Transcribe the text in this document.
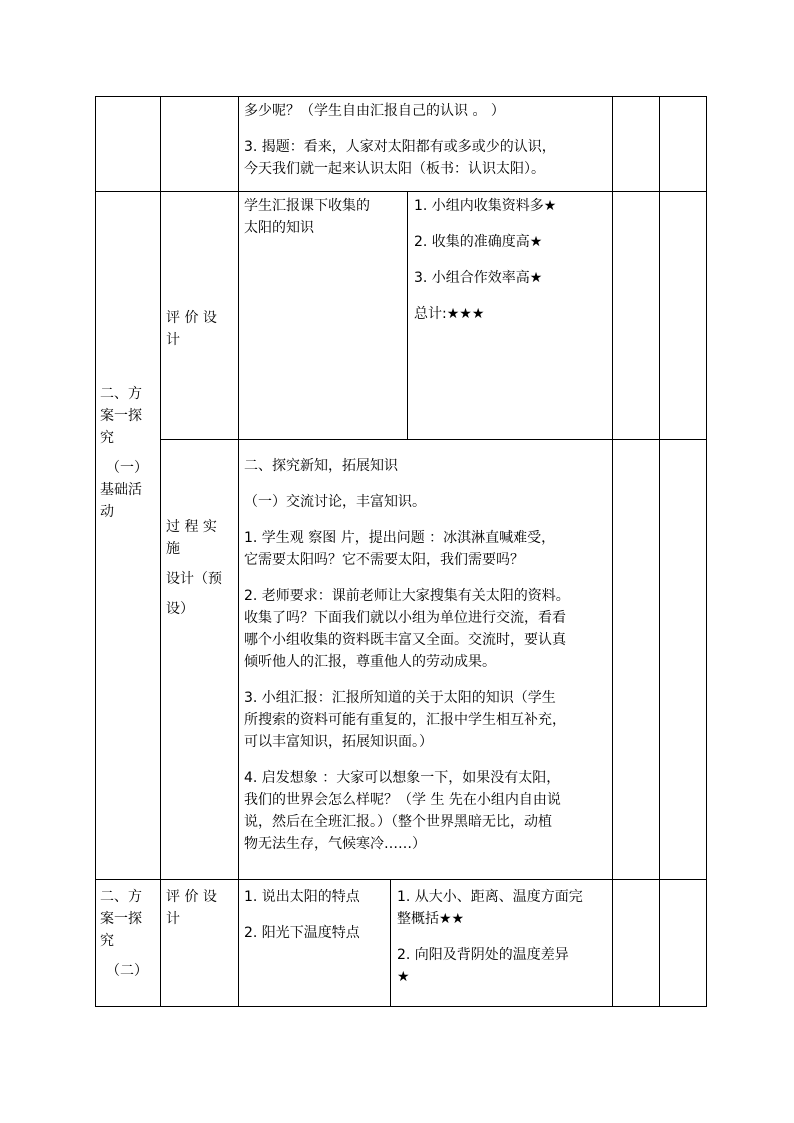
多少呢？（学生自由汇报自己的认识 。 ）

3. 揭题：看来，人家对太阳都有或多或少的认识，

今天我们就一起来认识太阳（板书：认识太阳）。

二、方

案一探

究

（一）

基础活

动

评 价 设

计

学生汇报课下收集的

太阳的知识

1. 小组内收集资料多★

2. 收集的准确度高★

3. 小组合作效率高★

总计:★★★

过 程 实

施

设计（预

设）

二、探究新知，拓展知识

（一）交流讨论，丰富知识。

1. 学生观 察图 片，提出问题 ：冰淇淋直喊难受，

它需要太阳吗？它不需要太阳，我们需要吗？

2. 老师要求：课前老师让大家搜集有关太阳的资料。

收集了吗？下面我们就以小组为单位进行交流，看看

哪个小组收集的资料既丰富又全面。交流时，要认真

倾听他人的汇报，尊重他人的劳动成果。

3. 小组汇报：汇报所知道的关于太阳的知识（学生

所搜索的资料可能有重复的，汇报中学生相互补充，

可以丰富知识，拓展知识面。）

4. 启发想象 ：大家可以想象一下，如果没有太阳，

我们的世界会怎么样呢？（学 生 先在小组内自由说

说，然后在全班汇报。）（整个世界黑暗无比，动植

物无法生存，气候寒冷……）

二、方

案一探

究

（二）

评 价 设

计

1. 说出太阳的特点

2. 阳光下温度特点

1. 从大小、距离、温度方面完

整概括★★

2. 向阳及背阴处的温度差异

★
